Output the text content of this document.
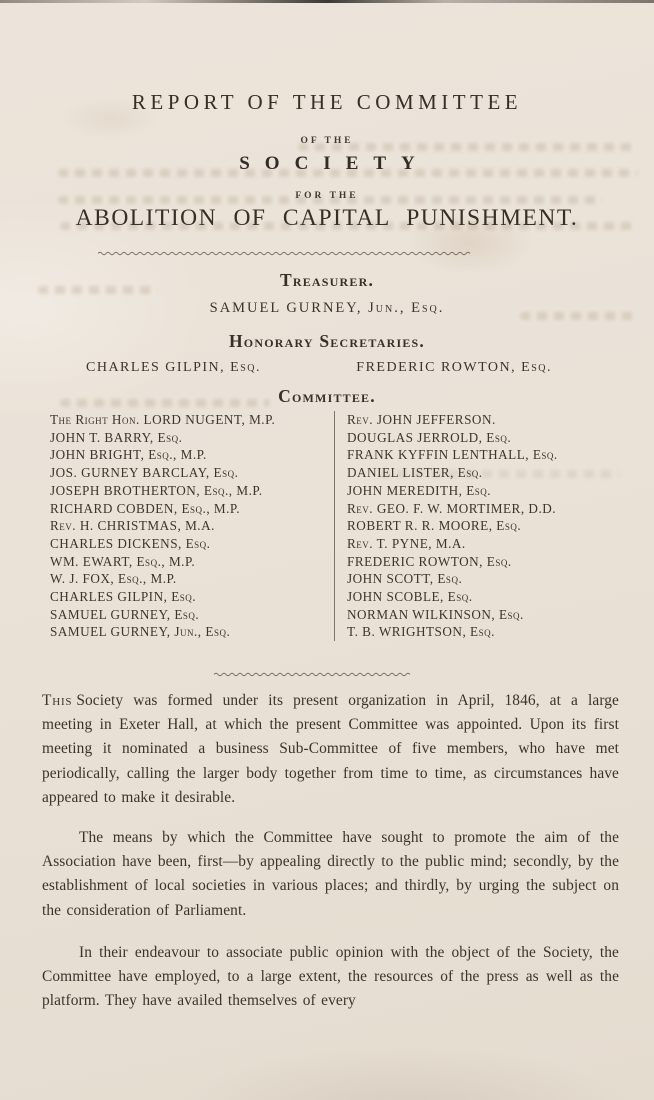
REPORT OF THE COMMITTEE
OF THE
SOCIETY
FOR THE
ABOLITION OF CAPITAL PUNISHMENT.
Treasurer.
SAMUEL GURNEY, Jun., Esq.
Honorary Secretaries.
CHARLES GILPIN, Esq.	FREDERIC ROWTON, Esq.
Committee.
The Right Hon. LORD NUGENT, M.P.
JOHN T. BARRY, Esq.
JOHN BRIGHT, Esq., M.P.
JOS. GURNEY BARCLAY, Esq.
JOSEPH BROTHERTON, Esq., M.P.
RICHARD COBDEN, Esq., M.P.
Rev. H. CHRISTMAS, M.A.
CHARLES DICKENS, Esq.
WM. EWART, Esq., M.P.
W. J. FOX, Esq., M.P.
CHARLES GILPIN, Esq.
SAMUEL GURNEY, Esq.
SAMUEL GURNEY, Jun., Esq.
Rev. JOHN JEFFERSON.
DOUGLAS JERROLD, Esq.
FRANK KYFFIN LENTHALL, Esq.
DANIEL LISTER, Esq.
JOHN MEREDITH, Esq.
Rev. GEO. F. W. MORTIMER, D.D.
ROBERT R. R. MOORE, Esq.
Rev. T. PYNE, M.A.
FREDERIC ROWTON, Esq.
JOHN SCOTT, Esq.
JOHN SCOBLE, Esq.
NORMAN WILKINSON, Esq.
T. B. WRIGHTSON, Esq.

This Society was formed under its present organization in April, 1846, at a large meeting in Exeter Hall, at which the present Committee was appointed. Upon its first meeting it nominated a business Sub-Committee of five members, who have met periodically, calling the larger body together from time to time, as circumstances have appeared to make it desirable.

The means by which the Committee have sought to promote the aim of the Association have been, first—by appealing directly to the public mind; secondly, by the establishment of local societies in various places; and thirdly, by urging the subject on the consideration of Parliament.

In their endeavour to associate public opinion with the object of the Society, the Committee have employed, to a large extent, the resources of the press as well as the platform. They have availed themselves of every
